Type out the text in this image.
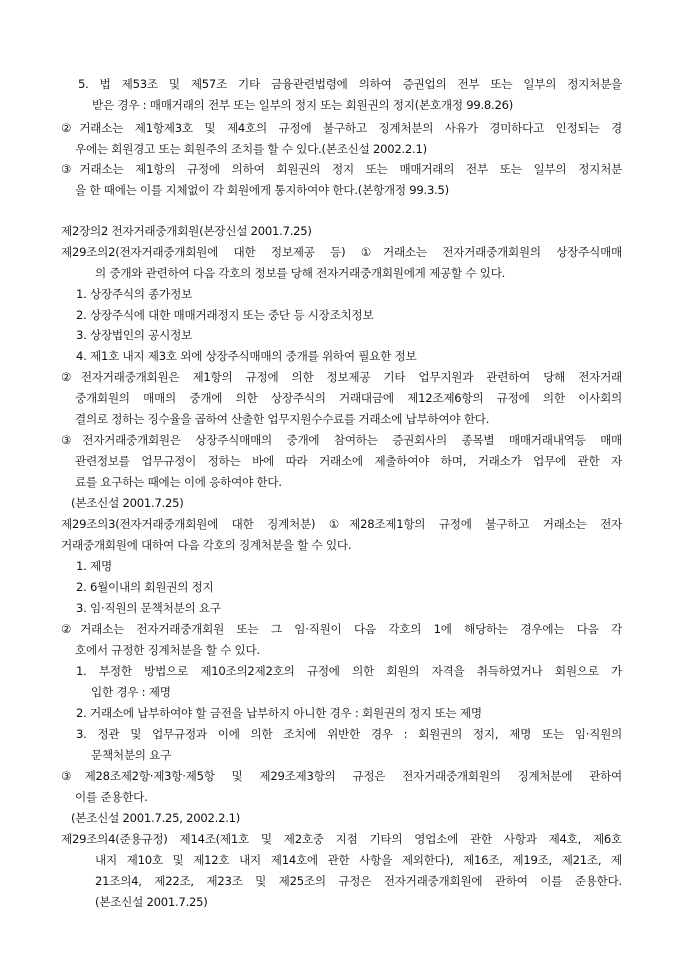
5. 법 제53조 및 제57조 기타 금융관련법령에 의하여 증권업의 전부 또는 일부의 정지처분을
받은 경우 : 매매거래의 전부 또는 일부의 정지 또는 회원권의 정지(본호개정 99.8.26)
②거래소는 제1항제3호 및 제4호의 규정에 불구하고 징계처분의 사유가 경미하다고 인정되는 경
우에는 회원경고 또는 회원주의 조치를 할 수 있다.(본조신설 2002.2.1)
③거래소는 제1항의 규정에 의하여 회원권의 정지 또는 매매거래의 전부 또는 일부의 정지처분
을 한 때에는 이를 지체없이 각 회원에게 통지하여야 한다.(본항개정 99.3.5)
제2장의2 전자거래중개회원(본장신설 2001.7.25)
제29조의2(전자거래중개회원에 대한 정보제공 등) ①거래소는 전자거래중개회원의 상장주식매매
의 중개와 관련하여 다음 각호의 정보를 당해 전자거래중개회원에게 제공할 수 있다.
1. 상장주식의 종가정보
2. 상장주식에 대한 매매거래정지 또는 중단 등 시장조치정보
3. 상장법인의 공시정보
4. 제1호 내지 제3호 외에 상장주식매매의 중개를 위하여 필요한 정보
②전자거래중개회원은 제1항의 규정에 의한 정보제공 기타 업무지원과 관련하여 당해 전자거래
중개회원의 매매의 중개에 의한 상장주식의 거래대금에 제12조제6항의 규정에 의한 이사회의
결의로 정하는 징수율을 곱하여 산출한 업무지원수수료를 거래소에 납부하여야 한다.
③전자거래중개회원은 상장주식매매의 중개에 참여하는 증권회사의 종목별 매매거래내역등 매매
관련정보를 업무규정이 정하는 바에 따라 거래소에 제출하여야 하며, 거래소가 업무에 관한 자
료를 요구하는 때에는 이에 응하여야 한다.
(본조신설 2001.7.25)
제29조의3(전자거래중개회원에 대한 징계처분) ①제28조제1항의 규정에 불구하고 거래소는 전자
거래중개회원에 대하여 다음 각호의 징계처분을 할 수 있다.
1. 제명
2. 6월이내의 회원권의 정지
3. 임·직원의 문책처분의 요구
②거래소는 전자거래중개회원 또는 그 임·직원이 다음 각호의 1에 해당하는 경우에는 다음 각
호에서 규정한 징계처분을 할 수 있다.
1. 부정한 방법으로 제10조의2제2호의 규정에 의한 회원의 자격을 취득하였거나 회원으로 가
입한 경우 : 제명
2. 거래소에 납부하여야 할 금전을 납부하지 아니한 경우 : 회원권의 정지 또는 제명
3. 정관 및 업무규정과 이에 의한 조치에 위반한 경우 : 회원권의 정지, 제명 또는 임·직원의
문책처분의 요구
③제28조제2항·제3항·제5항 및 제29조제3항의 규정은 전자거래중개회원의 징계처분에 관하여
이를 준용한다.
(본조신설 2001.7.25, 2002.2.1)
제29조의4(준용규정) 제14조(제1호 및 제2호중 지점 기타의 영업소에 관한 사항과 제4호, 제6호
내지 제10호 및 제12호 내지 제14호에 관한 사항을 제외한다), 제16조, 제19조, 제21조, 제
21조의4, 제22조, 제23조 및 제25조의 규정은 전자거래중개회원에 관하여 이를 준용한다.
(본조신설 2001.7.25)
